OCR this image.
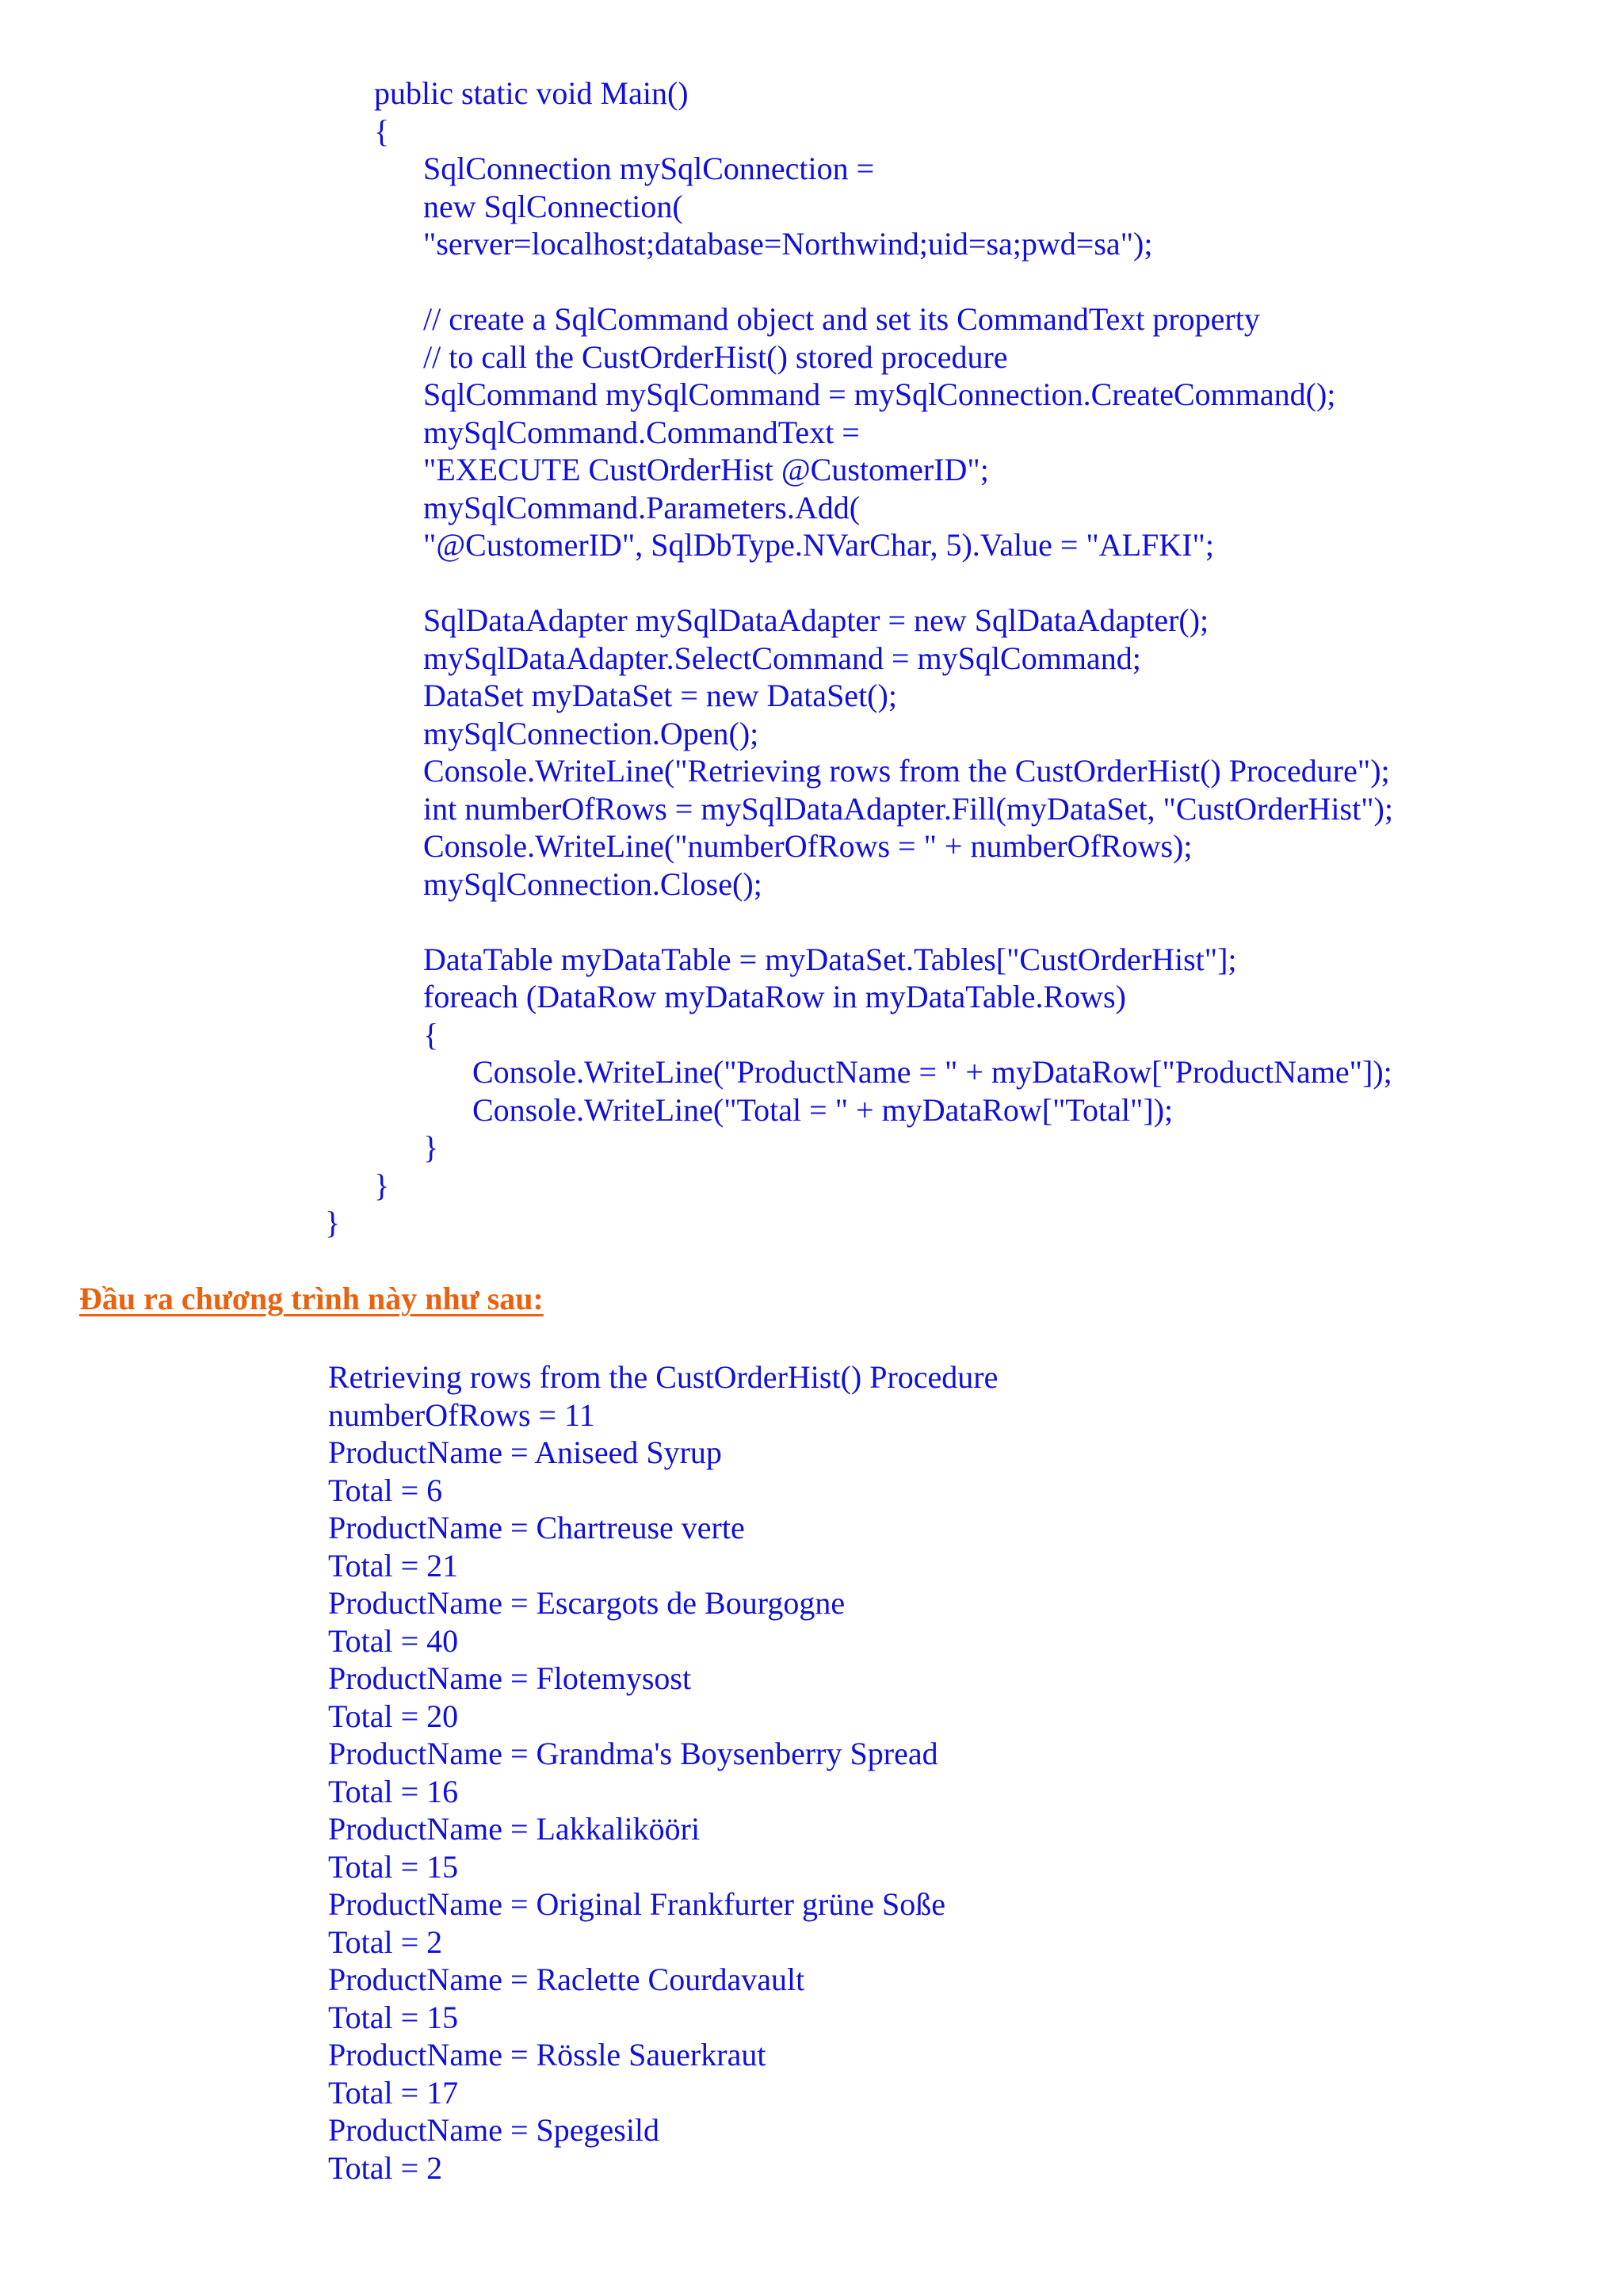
public static void Main()
{
SqlConnection mySqlConnection =
new SqlConnection(
"server=localhost;database=Northwind;uid=sa;pwd=sa");
// create a SqlCommand object and set its CommandText property
// to call the CustOrderHist() stored procedure
SqlCommand mySqlCommand = mySqlConnection.CreateCommand();
mySqlCommand.CommandText =
"EXECUTE CustOrderHist @CustomerID";
mySqlCommand.Parameters.Add(
"@CustomerID", SqlDbType.NVarChar, 5).Value = "ALFKI";
SqlDataAdapter mySqlDataAdapter = new SqlDataAdapter();
mySqlDataAdapter.SelectCommand = mySqlCommand;
DataSet myDataSet = new DataSet();
mySqlConnection.Open();
Console.WriteLine("Retrieving rows from the CustOrderHist() Procedure");
int numberOfRows = mySqlDataAdapter.Fill(myDataSet, "CustOrderHist");
Console.WriteLine("numberOfRows = " + numberOfRows);
mySqlConnection.Close();
DataTable myDataTable = myDataSet.Tables["CustOrderHist"];
foreach (DataRow myDataRow in myDataTable.Rows)
{
Console.WriteLine("ProductName = " + myDataRow["ProductName"]);
Console.WriteLine("Total = " + myDataRow["Total"]);
}
}
}
Đầu ra chương trình này như sau:
Retrieving rows from the CustOrderHist() Procedure
numberOfRows = 11
ProductName = Aniseed Syrup
Total = 6
ProductName = Chartreuse verte
Total = 21
ProductName = Escargots de Bourgogne
Total = 40
ProductName = Flotemysost
Total = 20
ProductName = Grandma's Boysenberry Spread
Total = 16
ProductName = Lakkalikööri
Total = 15
ProductName = Original Frankfurter grüne Soße
Total = 2
ProductName = Raclette Courdavault
Total = 15
ProductName = Rössle Sauerkraut
Total = 17
ProductName = Spegesild
Total = 2
